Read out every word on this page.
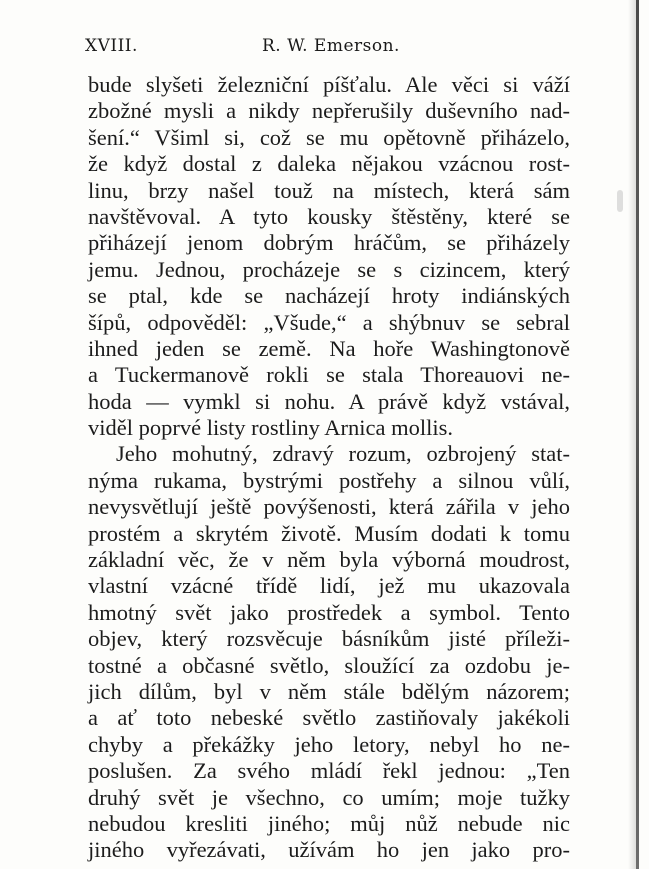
XVIII.	R. W. Emerson.
bude slyšeti železniční píšťalu. Ale věci si váží
zbožné mysli a nikdy nepřerušily duševního nad-
šení.“ Všiml si, což se mu opětovně přiházelo,
že když dostal z daleka nějakou vzácnou rost-
linu, brzy našel touž na místech, která sám
navštěvoval. A tyto kousky štěstěny, které se
přiházejí jenom dobrým hráčům, se přiházely
jemu. Jednou, procházeje se s cizincem, který
se ptal, kde se nacházejí hroty indiánských
šípů, odpověděl: „Všude,“ a shýbnuv se sebral
ihned jeden se země. Na hoře Washingtonově
a Tuckermanově rokli se stala Thoreauovi ne-
hoda — vymkl si nohu. A právě když vstával,
viděl poprvé listy rostliny Arnica mollis.
Jeho mohutný, zdravý rozum, ozbrojený stat-
nýma rukama, bystrými postřehy a silnou vůlí,
nevysvětlují ještě povýšenosti, která zářila v jeho
prostém a skrytém životě. Musím dodati k tomu
základní věc, že v něm byla výborná moudrost,
vlastní vzácné třídě lidí, jež mu ukazovala
hmotný svět jako prostředek a symbol. Tento
objev, který rozsvěcuje básníkům jisté příleži-
tostné a občasné světlo, sloužící za ozdobu je-
jich dílům, byl v něm stále bdělým názorem;
a ať toto nebeské světlo zastiňovaly jakékoli
chyby a překážky jeho letory, nebyl ho ne-
poslušen. Za svého mládí řekl jednou: „Ten
druhý svět je všechno, co umím; moje tužky
nebudou kresliti jiného; můj nůž nebude nic
jiného vyřezávati, užívám ho jen jako pro-
